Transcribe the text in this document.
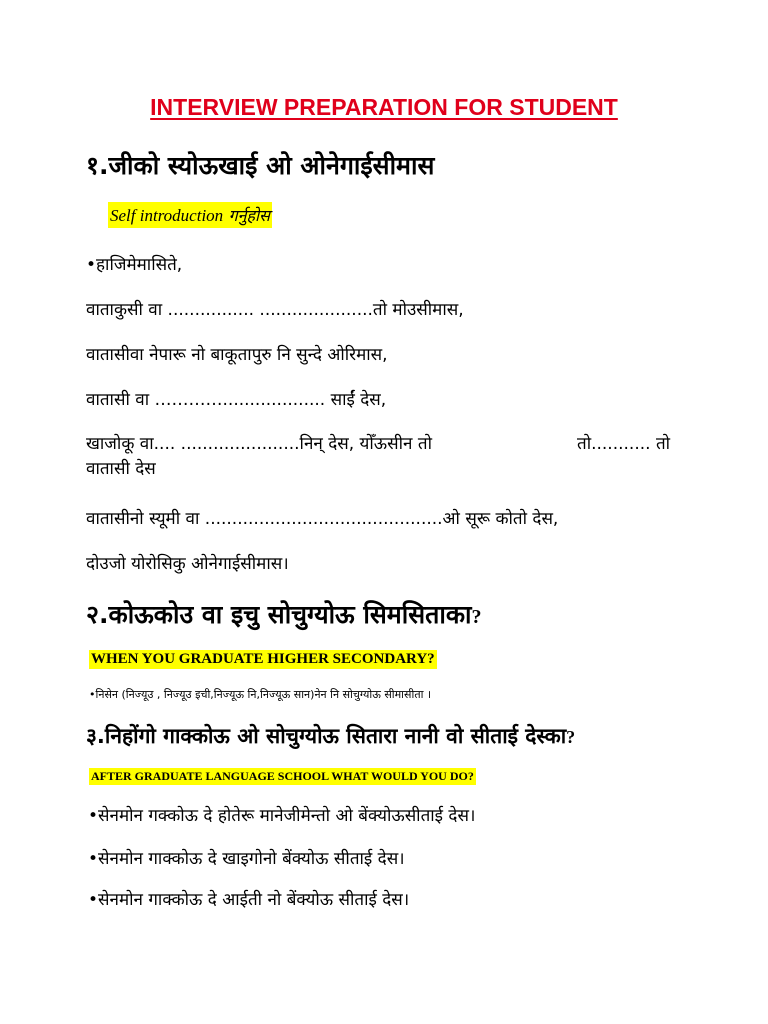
INTERVIEW PREPARATION FOR STUDENT
१.जीको स्योऊखाई ओ ओनेगाईसीमास
Self introduction गर्नुहोस
•हाजिमेमासिते,
वाताकुसी वा ................ .....................तो मोउसीमास,
वातासीवा नेपारू नो बाकूतापुरु नि सुन्दे ओरिमास,
वातासी वा …………................... साईं देस,
खाजोकू वा.... ......................निन् देस, योँऊसीन तो	तो........... तो
वातासी देस
वातासीनो स्यूमी वा ............................................ओ सूरू कोतो देस,
दोउजो योरोसिकु ओनेगाईसीमास।
२.कोऊकोउ वा इचु सोचुग्योऊ सिमसिताका?
WHEN YOU GRADUATE HIGHER SECONDARY?
•निसेन (निज्यूउ , निज्यूउ इची,निज्यूऊ नि,निज्यूऊ सान)नेन नि सोचुग्योऊ सीमासीता ।
३.निहोंगो गाक्कोऊ ओ सोचुग्योऊ सितारा नानी वो सीताई देस्का?
AFTER GRADUATE LANGUAGE SCHOOL WHAT WOULD YOU DO?
•सेनमोन गक्कोऊ दे होतेरू मानेजीमेन्तो ओ बेंक्योऊसीताई देस।
•सेनमोन गाक्कोऊ दे खाइगोनो बेंक्योऊ सीताई देस।
•सेनमोन गाक्कोऊ दे आईती नो बेंक्योऊ सीताई देस।
